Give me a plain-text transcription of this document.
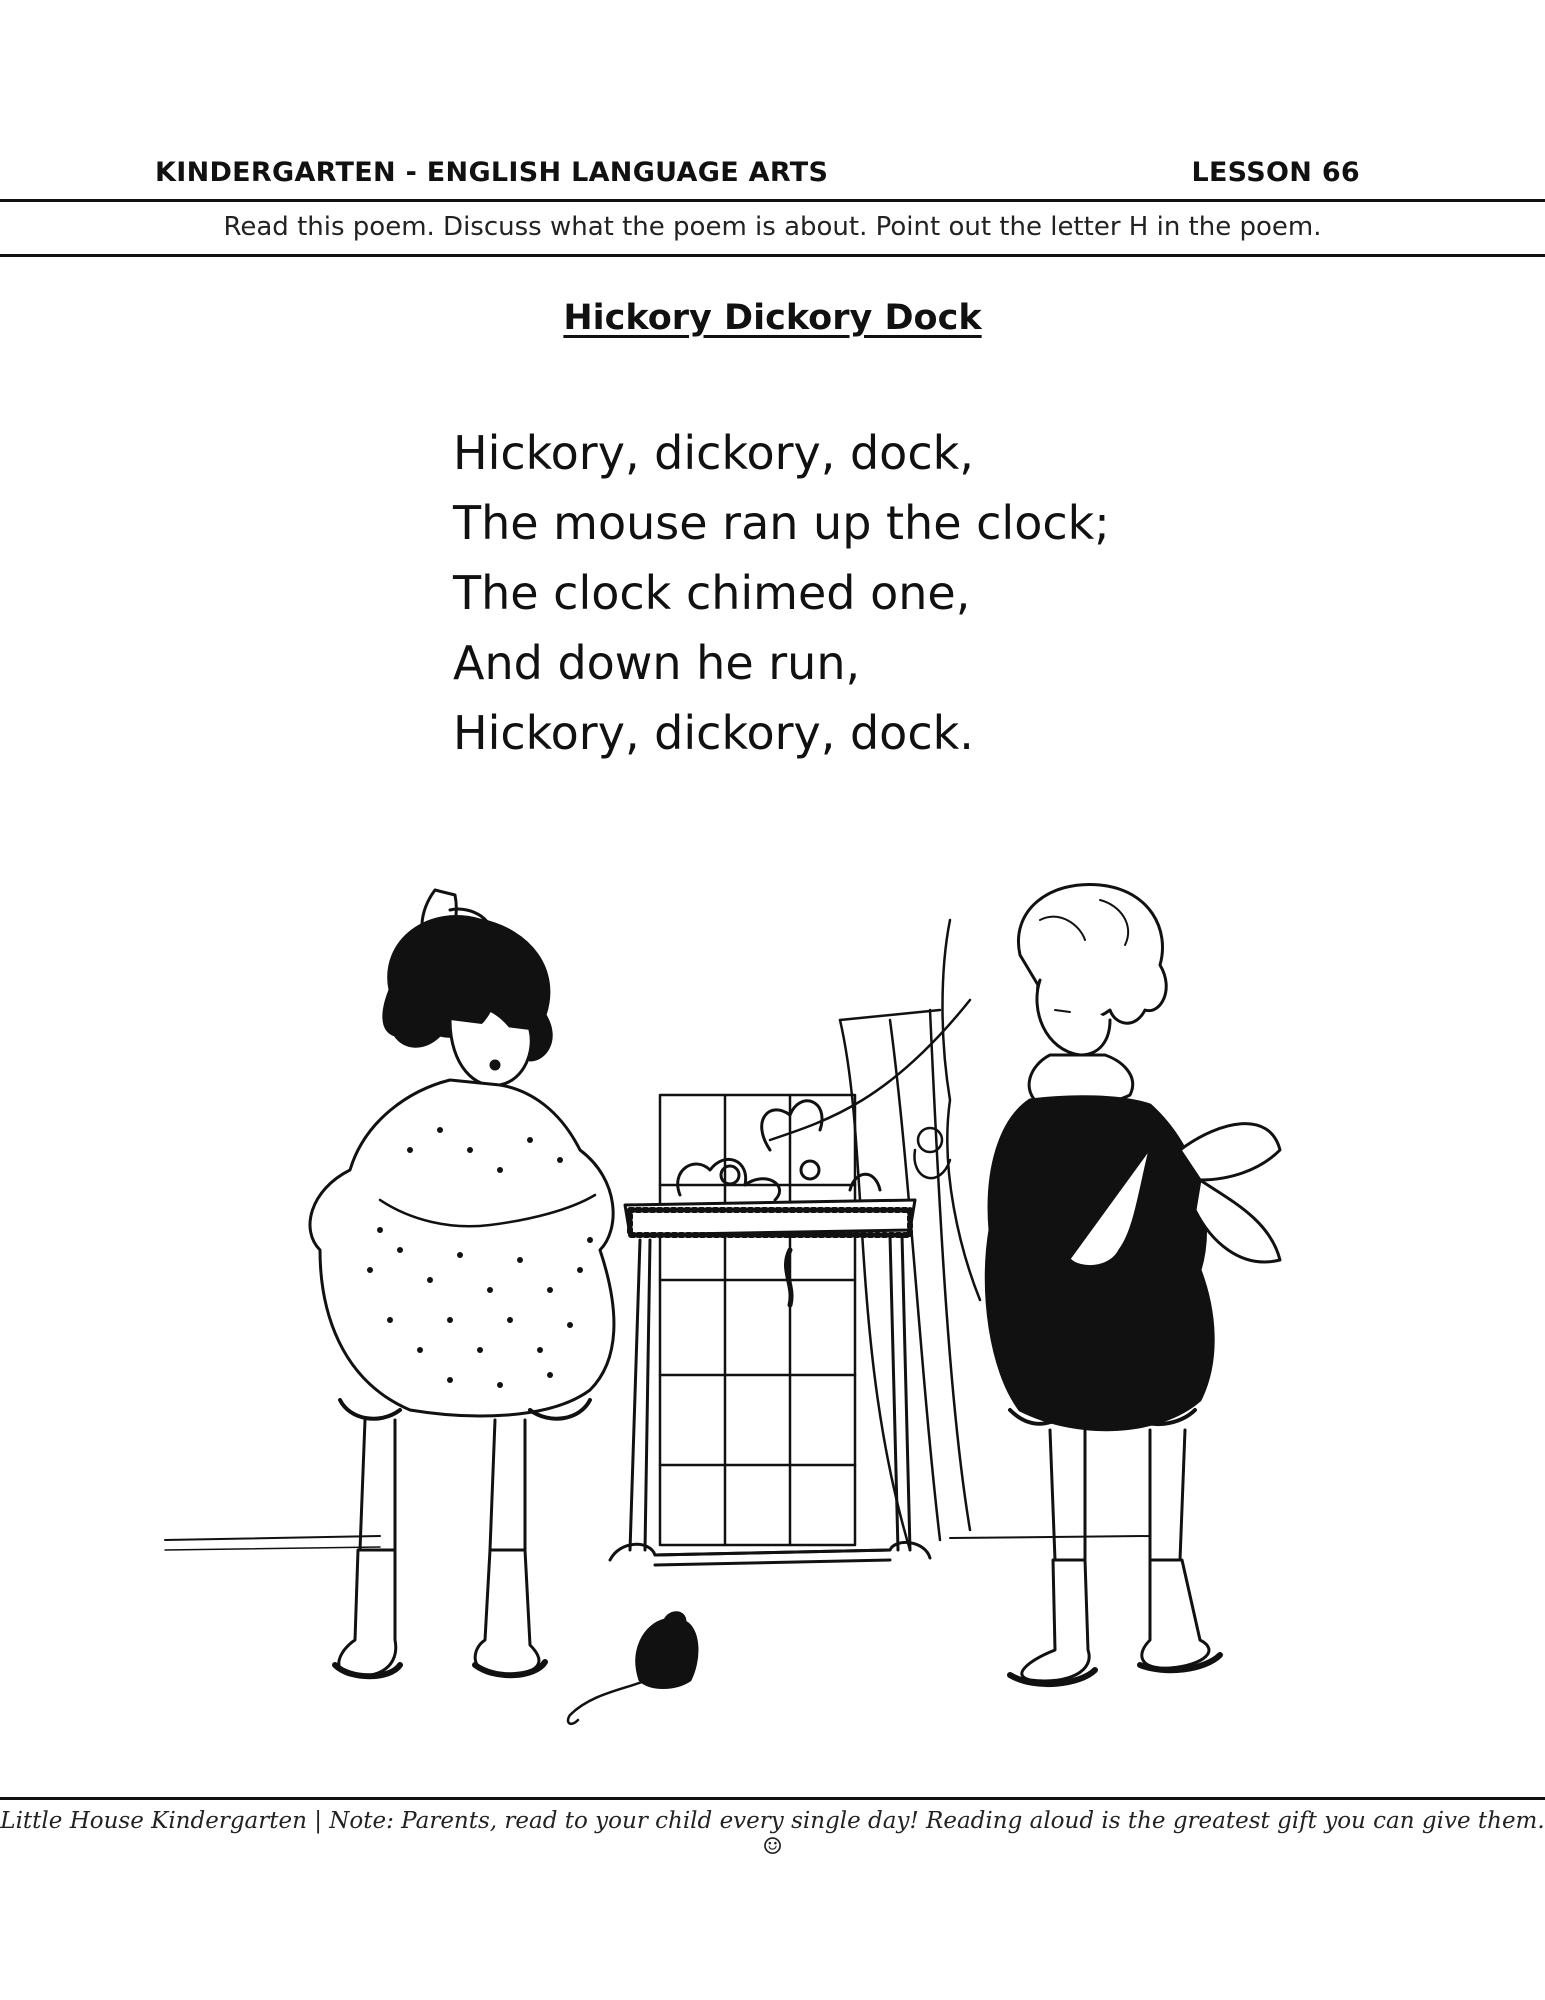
KINDERGARTEN - ENGLISH LANGUAGE ARTS	LESSON 66
Read this poem. Discuss what the poem is about. Point out the letter H in the poem.
Hickory Dickory Dock
Hickory, dickory, dock,
The mouse ran up the clock;
The clock chimed one,
And down he run,
Hickory, dickory, dock.
Little House Kindergarten | Note: Parents, read to your child every single day! Reading aloud is the greatest gift you can give them. ☺
